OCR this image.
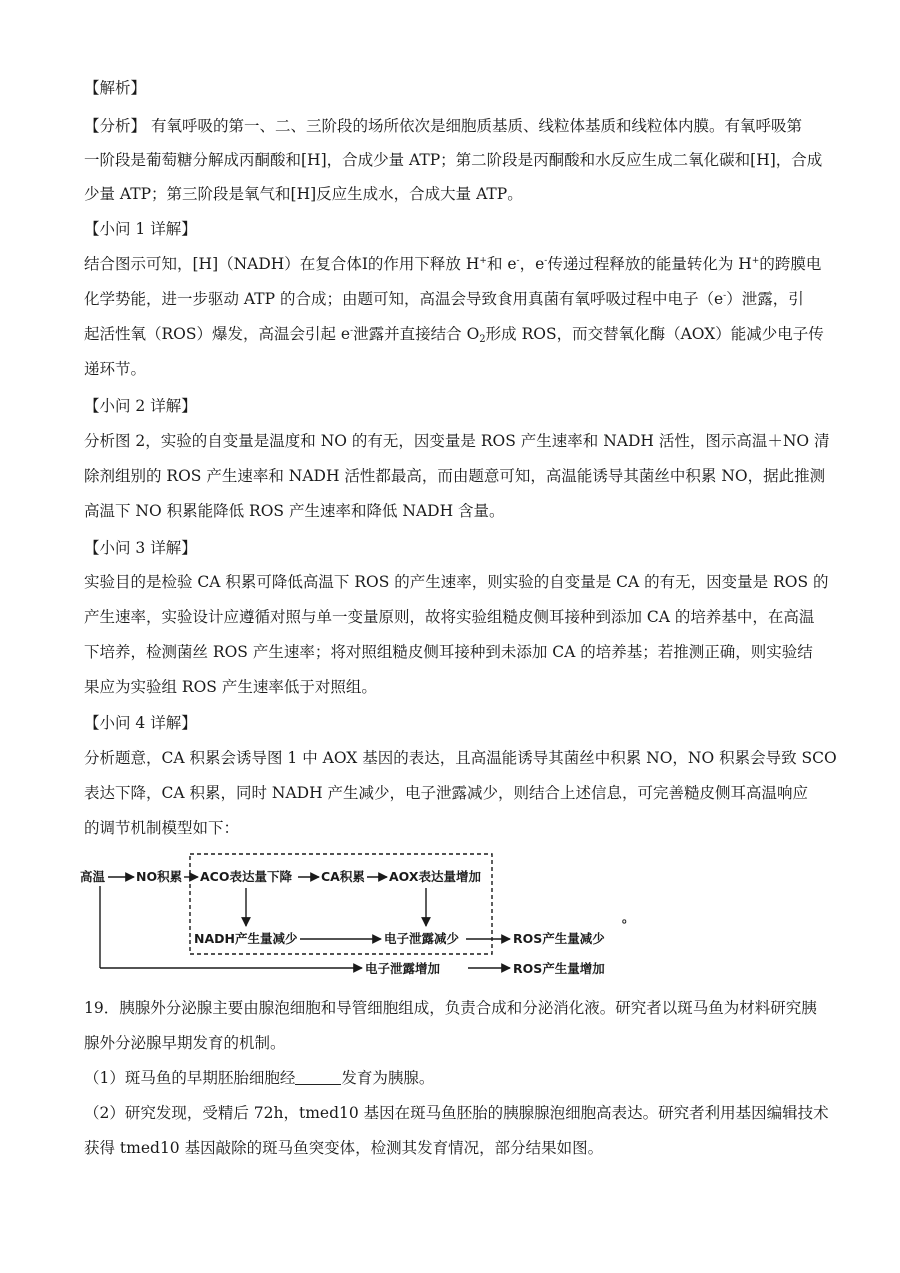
【解析】
【分析】 有氧呼吸的第一、二、三阶段的场所依次是细胞质基质、线粒体基质和线粒体内膜。有氧呼吸第
一阶段是葡萄糖分解成丙酮酸和[H]，合成少量 ATP；第二阶段是丙酮酸和水反应生成二氧化碳和[H]，合成
少量 ATP；第三阶段是氧气和[H]反应生成水，合成大量 ATP。
【小问 1 详解】
结合图示可知，[H]（NADH）在复合体Ⅰ的作用下释放 H+和 e-，e-传递过程释放的能量转化为 H+的跨膜电
化学势能，进一步驱动 ATP 的合成；由题可知，高温会导致食用真菌有氧呼吸过程中电子（e-）泄露，引
起活性氧（ROS）爆发，高温会引起 e-泄露并直接结合 $O_2$形成 ROS，而交替氧化酶（AOX）能减少电子传
递环节。
【小问 2 详解】
分析图 2，实验的自变量是温度和 NO 的有无，因变量是 ROS 产生速率和 NADH 活性，图示高温＋NO 清
除剂组别的 ROS 产生速率和 NADH 活性都最高，而由题意可知，高温能诱导其菌丝中积累 NO，据此推测
高温下 NO 积累能降低 ROS 产生速率和降低 NADH 含量。
【小问 3 详解】
实验目的是检验 CA 积累可降低高温下 ROS 的产生速率，则实验的自变量是 CA 的有无，因变量是 ROS 的
产生速率，实验设计应遵循对照与单一变量原则，故将实验组糙皮侧耳接种到添加 CA 的培养基中，在高温
下培养，检测菌丝 ROS 产生速率；将对照组糙皮侧耳接种到未添加 CA 的培养基；若推测正确，则实验结
果应为实验组 ROS 产生速率低于对照组。
【小问 4 详解】
分析题意，CA 积累会诱导图 1 中 AOX 基因的表达，且高温能诱导其菌丝中积累 NO，NO 积累会导致 SCO
表达下降，CA 积累，同时 NADH 产生减少，电子泄露减少，则结合上述信息，可完善糙皮侧耳高温响应
的调节机制模型如下：
高温 NO积累 ACO表达量下降 CA积累 AOX表达量增加
NADH产生量减少	电子泄露减少	ROS产生量减少
。
电子泄露增加	ROS产生量增加
19．胰腺外分泌腺主要由腺泡细胞和导管细胞组成，负责合成和分泌消化液。研究者以斑马鱼为材料研究胰
腺外分泌腺早期发育的机制。
（1）斑马鱼的早期胚胎细胞经	发育为胰腺。
（2）研究发现，受精后 72h，tmed10 基因在斑马鱼胚胎的胰腺腺泡细胞高表达。研究者利用基因编辑技术
获得 tmed10 基因敲除的斑马鱼突变体，检测其发育情况，部分结果如图。
